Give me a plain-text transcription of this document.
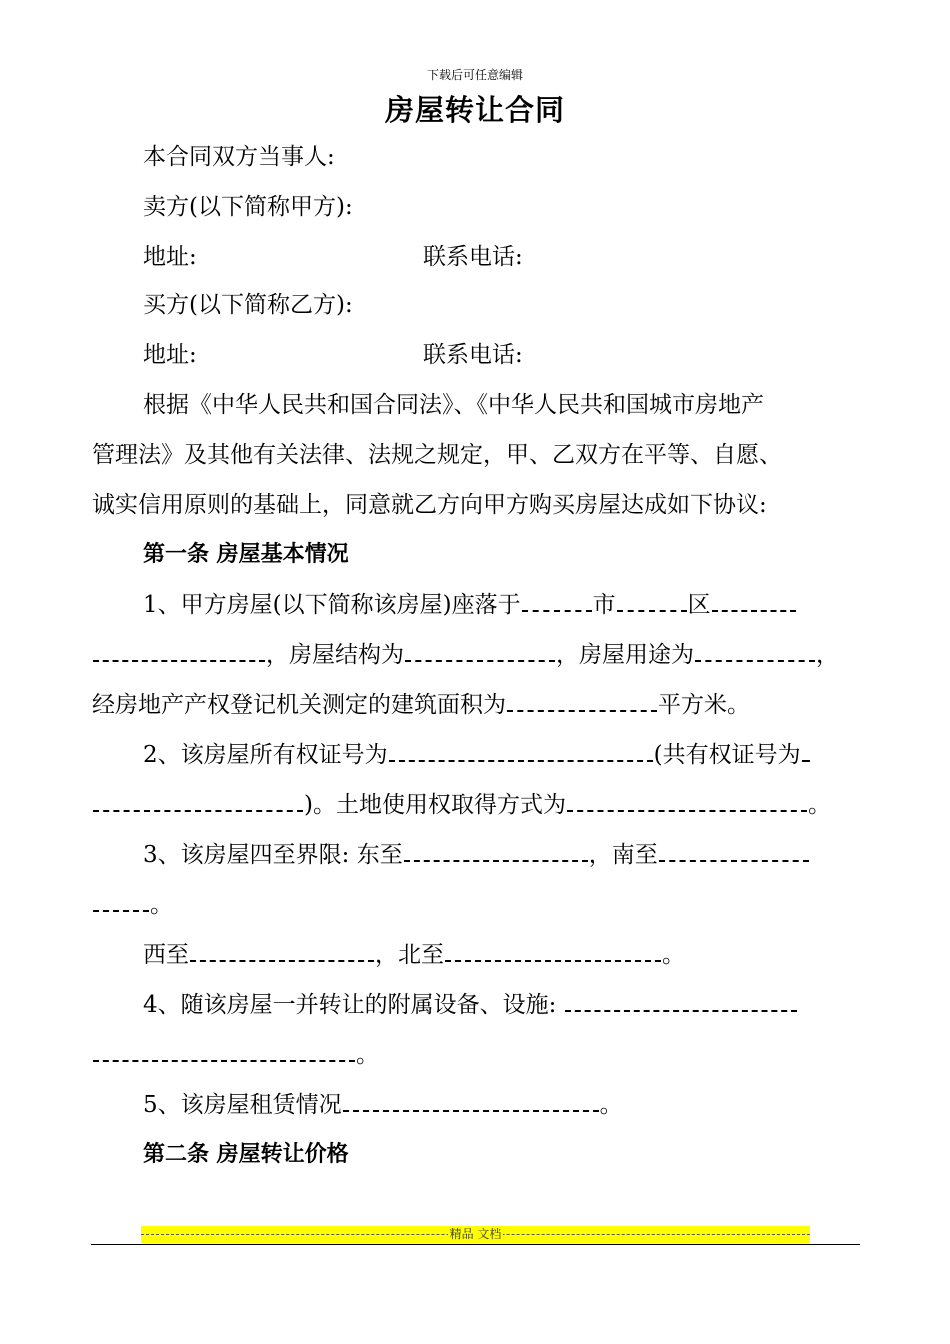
下载后可任意编辑
房屋转让合同
本合同双方当事人:
卖方(以下简称甲方):
地址:	联系电话:
买方(以下简称乙方):
地址:	联系电话:
根据《中华人民共和国合同法》、《中华人民共和国城市房地产
管理法》及其他有关法律、法规之规定，甲、乙双方在平等、自愿、
诚实信用原则的基础上，同意就乙方向甲方购买房屋达成如下协议:
第一条 房屋基本情况
1、甲方房屋(以下简称该房屋)座落于	市	区
，房屋结构为	，房屋用途为	，
经房地产产权登记机关测定的建筑面积为	平方米。
2、该房屋所有权证号为	(共有权证号为
)。土地使用权取得方式为	。
3、该房屋四至界限: 东至	，南至
。
西至	，北至	。
4、随该房屋一并转让的附属设备、设施:
。
5、该房屋租赁情况	。
第二条 房屋转让价格
精品 文档
